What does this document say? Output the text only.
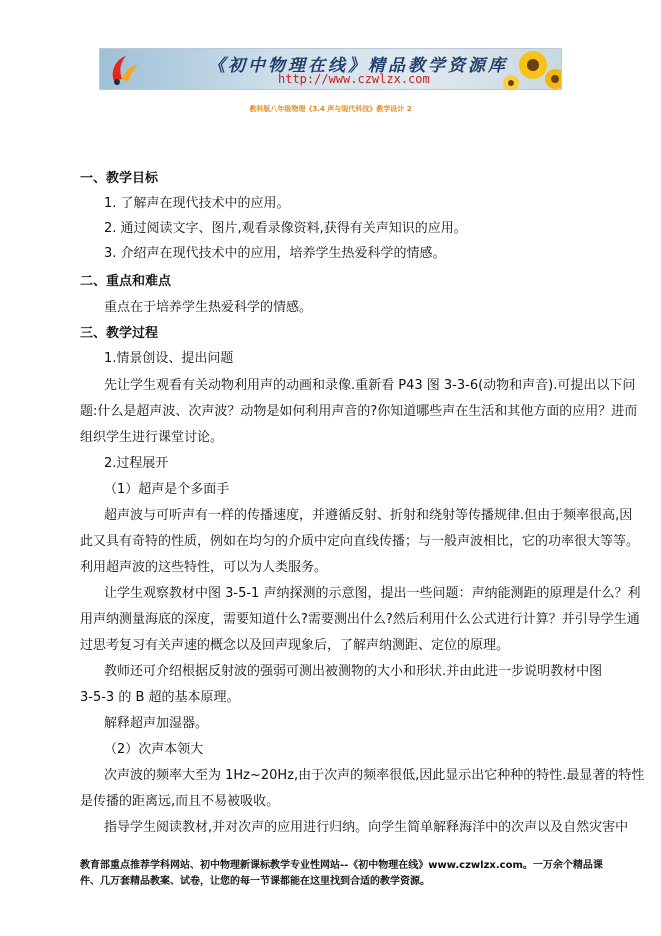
《初中物理在线》精品教学资源库
http://www.czwlzx.com
教科版八年级物理《3.4 声与现代科技》教学设计 2
一、教学目标
1. 了解声在现代技术中的应用。
2. 通过阅读文字、图片,观看录像资料,获得有关声知识的应用。
3. 介绍声在现代技术中的应用，培养学生热爱科学的情感。
二、重点和难点
重点在于培养学生热爱科学的情感。
三、教学过程
1.情景创设、提出问题
先让学生观看有关动物利用声的动画和录像.重新看 P43 图 3-3-6(动物和声音).可提出以下问
题:什么是超声波、次声波？动物是如何利用声音的?你知道哪些声在生活和其他方面的应用？进而
组织学生进行课堂讨论。
2.过程展开
（1）超声是个多面手
超声波与可听声有一样的传播速度，并遵循反射、折射和绕射等传播规律.但由于频率很高,因
此又具有奇特的性质，例如在均匀的介质中定向直线传播；与一般声波相比，它的功率很大等等。
利用超声波的这些特性，可以为人类服务。
让学生观察教材中图 3-5-1 声纳探测的示意图，提出一些问题：声纳能测距的原理是什么？利
用声纳测量海底的深度，需要知道什么?需要测出什么?然后利用什么公式进行计算？并引导学生通
过思考复习有关声速的概念以及回声现象后，了解声纳测距、定位的原理。
教师还可介绍根据反射波的强弱可测出被测物的大小和形状.并由此进一步说明教材中图
3-5-3 的 B 超的基本原理。
解释超声加湿器。
（2）次声本领大
次声波的频率大至为 1Hz~20Hz,由于次声的频率很低,因此显示出它种种的特性.最显著的特性
是传播的距离远,而且不易被吸收。
指导学生阅读教材,并对次声的应用进行归纳。向学生简单解释海洋中的次声以及自然灾害中
教育部重点推荐学科网站、初中物理新课标教学专业性网站--《初中物理在线》www.czwlzx.com。一万余个精品课
件、几万套精品教案、试卷，让您的每一节课都能在这里找到合适的教学资源。
